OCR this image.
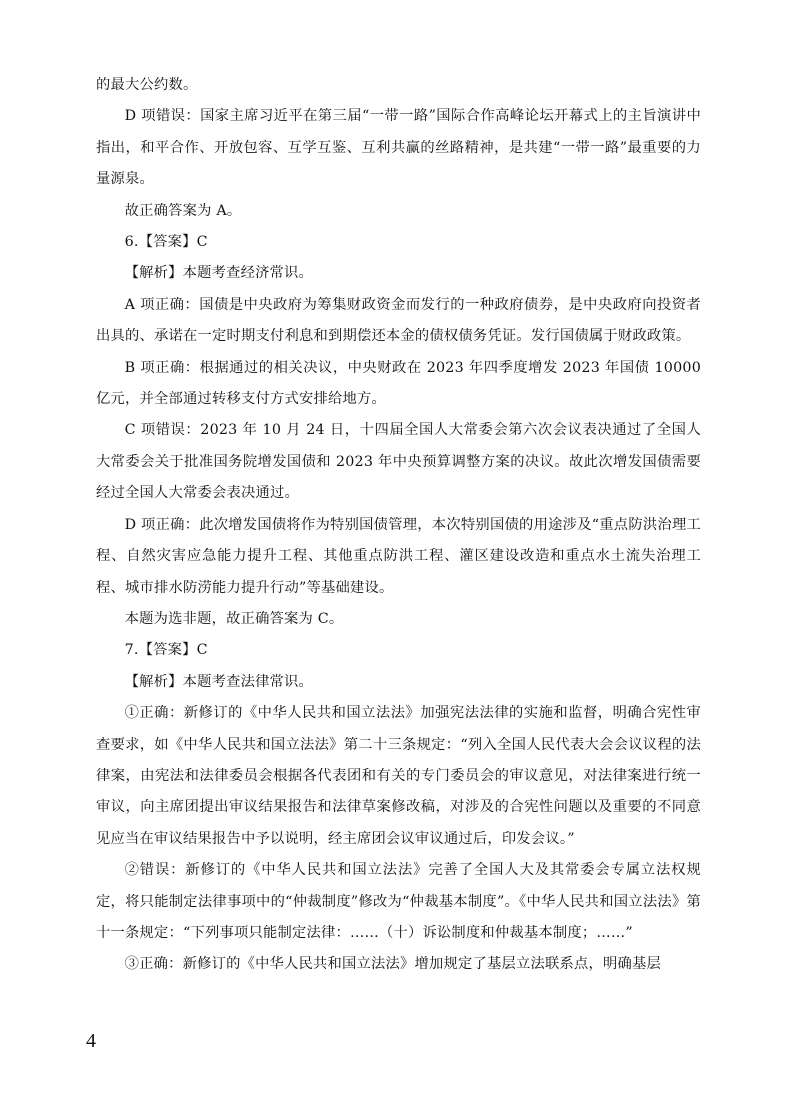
的最大公约数。

D 项错误：国家主席习近平在第三届“一带一路”国际合作高峰论坛开幕式上的主旨演讲中指出，和平合作、开放包容、互学互鉴、互利共赢的丝路精神，是共建“一带一路”最重要的力量源泉。

故正确答案为 A。

6.【答案】C

【解析】本题考查经济常识。

A 项正确：国债是中央政府为筹集财政资金而发行的一种政府债券，是中央政府向投资者出具的、承诺在一定时期支付利息和到期偿还本金的债权债务凭证。发行国债属于财政政策。

B 项正确：根据通过的相关决议，中央财政在 2023 年四季度增发 2023 年国债 10000 亿元，并全部通过转移支付方式安排给地方。

C 项错误：2023 年 10 月 24 日，十四届全国人大常委会第六次会议表决通过了全国人大常委会关于批准国务院增发国债和 2023 年中央预算调整方案的决议。故此次增发国债需要经过全国人大常委会表决通过。

D 项正确：此次增发国债将作为特别国债管理，本次特别国债的用途涉及“重点防洪治理工程、自然灾害应急能力提升工程、其他重点防洪工程、灌区建设改造和重点水土流失治理工程、城市排水防涝能力提升行动”等基础建设。

本题为选非题，故正确答案为 C。

7.【答案】C

【解析】本题考查法律常识。

①正确：新修订的《中华人民共和国立法法》加强宪法法律的实施和监督，明确合宪性审查要求，如《中华人民共和国立法法》第二十三条规定：“列入全国人民代表大会会议议程的法律案，由宪法和法律委员会根据各代表团和有关的专门委员会的审议意见，对法律案进行统一审议，向主席团提出审议结果报告和法律草案修改稿，对涉及的合宪性问题以及重要的不同意见应当在审议结果报告中予以说明，经主席团会议审议通过后，印发会议。”

②错误：新修订的《中华人民共和国立法法》完善了全国人大及其常委会专属立法权规定，将只能制定法律事项中的“仲裁制度”修改为“仲裁基本制度”。《中华人民共和国立法法》第十一条规定：“下列事项只能制定法律：……（十）诉讼制度和仲裁基本制度；……”

③正确：新修订的《中华人民共和国立法法》增加规定了基层立法联系点，明确基层

4
